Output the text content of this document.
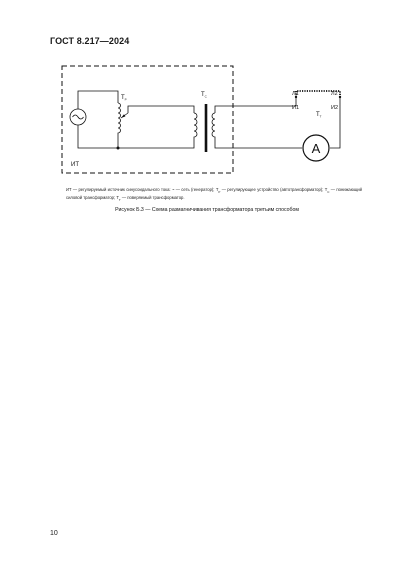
ГОСТ 8.217—2024
A
ИТ
$Т_Р$
$Т_С$
$Т_Т$
Л1	Л2
И1	И2

ИТ — регулируемый источник синусоидального тока: ~ — сеть (генератор); $Т_Р$ — регулирующее устройство (автотрансформатор); $Т_С$ — понижающий силовой трансформатор; $Т_Т$ — поверяемый трансформатор.

Рисунок Б.3 — Схема размагничивания трансформатора третьим способом

10
